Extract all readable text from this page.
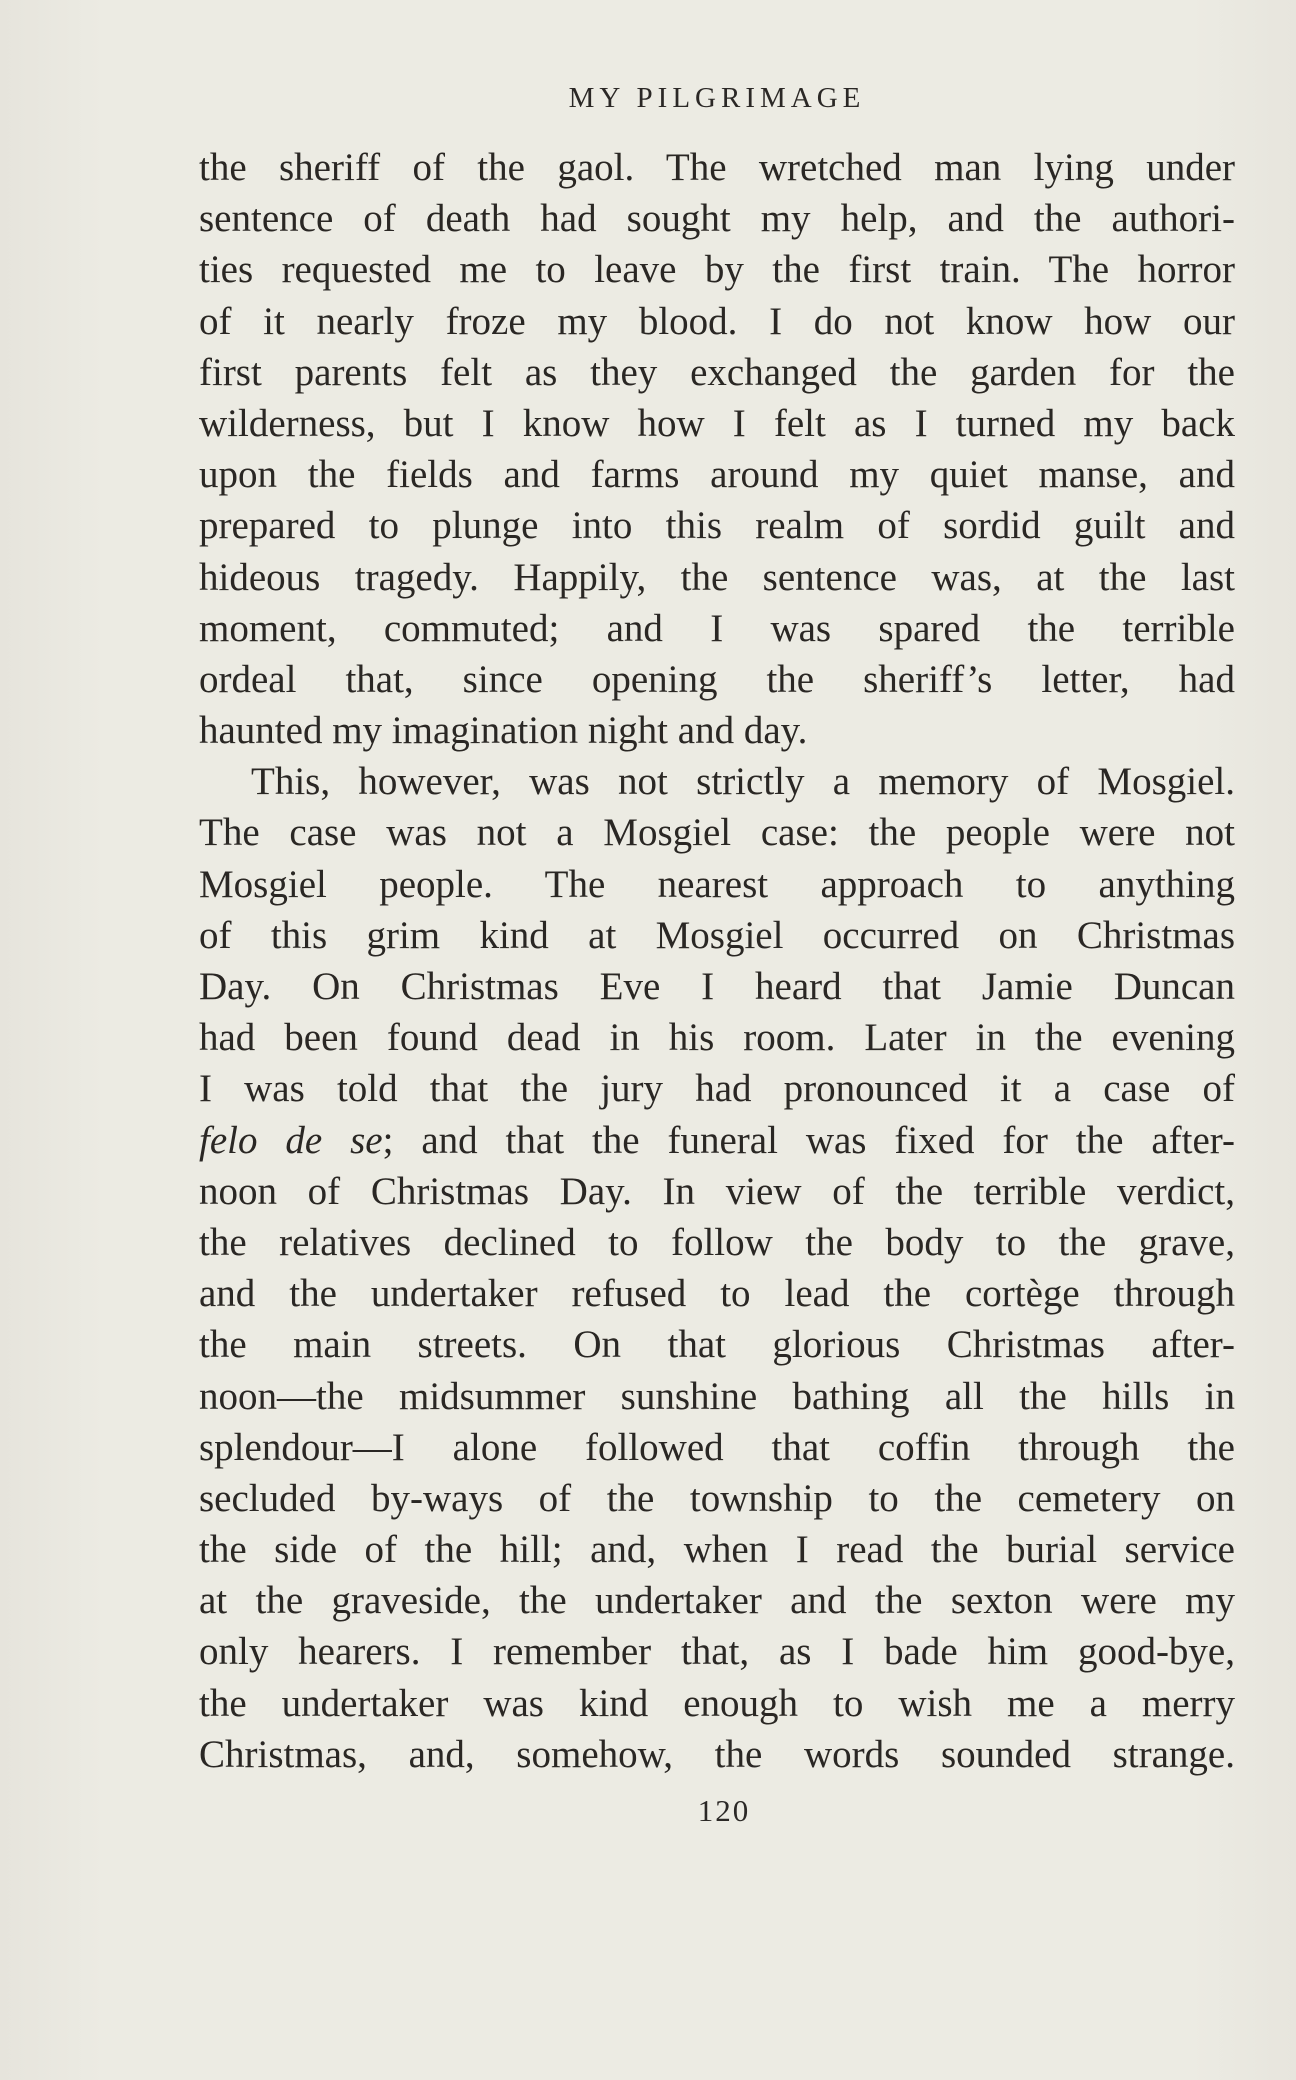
MY PILGRIMAGE
the sheriff of the gaol. The wretched man lying under
sentence of death had sought my help, and the authori-
ties requested me to leave by the first train. The horror
of it nearly froze my blood. I do not know how our
first parents felt as they exchanged the garden for the
wilderness, but I know how I felt as I turned my back
upon the fields and farms around my quiet manse, and
prepared to plunge into this realm of sordid guilt and
hideous tragedy. Happily, the sentence was, at the last
moment, commuted; and I was spared the terrible
ordeal that, since opening the sheriff’s letter, had
haunted my imagination night and day.
This, however, was not strictly a memory of Mosgiel.
The case was not a Mosgiel case: the people were not
Mosgiel people. The nearest approach to anything
of this grim kind at Mosgiel occurred on Christmas
Day. On Christmas Eve I heard that Jamie Duncan
had been found dead in his room. Later in the evening
I was told that the jury had pronounced it a case of
felo de se; and that the funeral was fixed for the after-
noon of Christmas Day. In view of the terrible verdict,
the relatives declined to follow the body to the grave,
and the undertaker refused to lead the cortège through
the main streets. On that glorious Christmas after-
noon—the midsummer sunshine bathing all the hills in
splendour—I alone followed that coffin through the
secluded by-ways of the township to the cemetery on
the side of the hill; and, when I read the burial service
at the graveside, the undertaker and the sexton were my
only hearers. I remember that, as I bade him good-bye,
the undertaker was kind enough to wish me a merry
Christmas, and, somehow, the words sounded strange.
120
